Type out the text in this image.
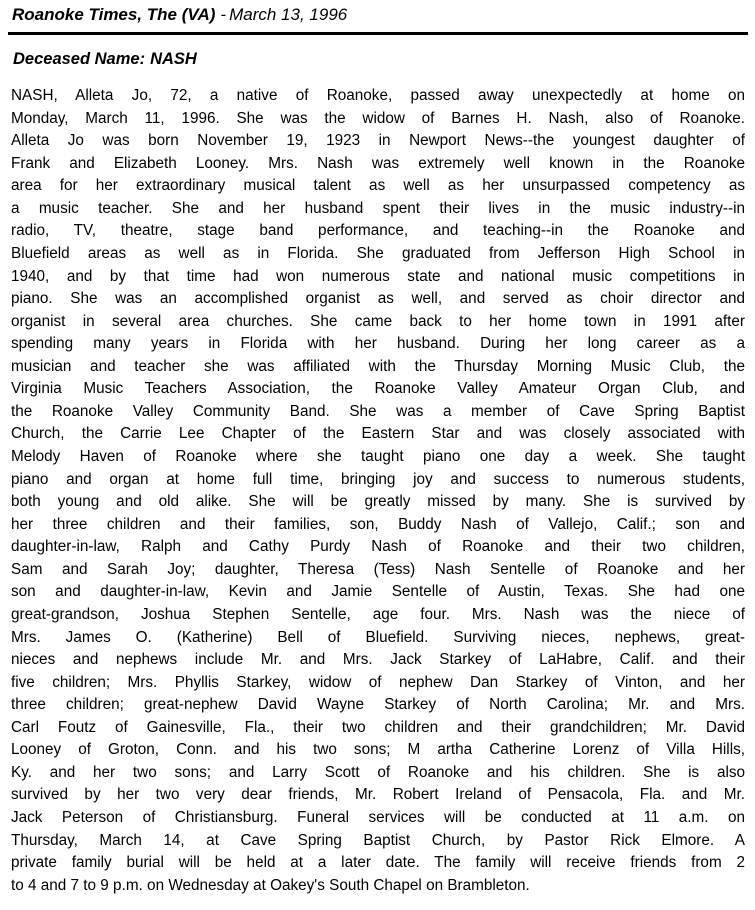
Roanoke Times, The (VA) - March 13, 1996
Deceased Name: NASH
NASH, Alleta Jo, 72, a native of Roanoke, passed away unexpectedly at home on
Monday, March 11, 1996. She was the widow of Barnes H. Nash, also of Roanoke.
Alleta Jo was born November 19, 1923 in Newport News--the youngest daughter of
Frank and Elizabeth Looney. Mrs. Nash was extremely well known in the Roanoke
area for her extraordinary musical talent as well as her unsurpassed competency as
a music teacher. She and her husband spent their lives in the music industry--in
radio, TV, theatre, stage band performance, and teaching--in the Roanoke and
Bluefield areas as well as in Florida. She graduated from Jefferson High School in
1940, and by that time had won numerous state and national music competitions in
piano. She was an accomplished organist as well, and served as choir director and
organist in several area churches. She came back to her home town in 1991 after
spending many years in Florida with her husband. During her long career as a
musician and teacher she was affiliated with the Thursday Morning Music Club, the
Virginia Music Teachers Association, the Roanoke Valley Amateur Organ Club, and
the Roanoke Valley Community Band. She was a member of Cave Spring Baptist
Church, the Carrie Lee Chapter of the Eastern Star and was closely associated with
Melody Haven of Roanoke where she taught piano one day a week. She taught
piano and organ at home full time, bringing joy and success to numerous students,
both young and old alike. She will be greatly missed by many. She is survived by
her three children and their families, son, Buddy Nash of Vallejo, Calif.; son and
daughter-in-law, Ralph and Cathy Purdy Nash of Roanoke and their two children,
Sam and Sarah Joy; daughter, Theresa (Tess) Nash Sentelle of Roanoke and her
son and daughter-in-law, Kevin and Jamie Sentelle of Austin, Texas. She had one
great-grandson, Joshua Stephen Sentelle, age four. Mrs. Nash was the niece of
Mrs. James O. (Katherine) Bell of Bluefield. Surviving nieces, nephews, great-
nieces and nephews include Mr. and Mrs. Jack Starkey of LaHabre, Calif. and their
five children; Mrs. Phyllis Starkey, widow of nephew Dan Starkey of Vinton, and her
three children; great-nephew David Wayne Starkey of North Carolina; Mr. and Mrs.
Carl Foutz of Gainesville, Fla., their two children and their grandchildren; Mr. David
Looney of Groton, Conn. and his two sons; M artha Catherine Lorenz of Villa Hills,
Ky. and her two sons; and Larry Scott of Roanoke and his children. She is also
survived by her two very dear friends, Mr. Robert Ireland of Pensacola, Fla. and Mr.
Jack Peterson of Christiansburg. Funeral services will be conducted at 11 a.m. on
Thursday, March 14, at Cave Spring Baptist Church, by Pastor Rick Elmore. A
private family burial will be held at a later date. The family will receive friends from 2
to 4 and 7 to 9 p.m. on Wednesday at Oakey's South Chapel on Brambleton.
